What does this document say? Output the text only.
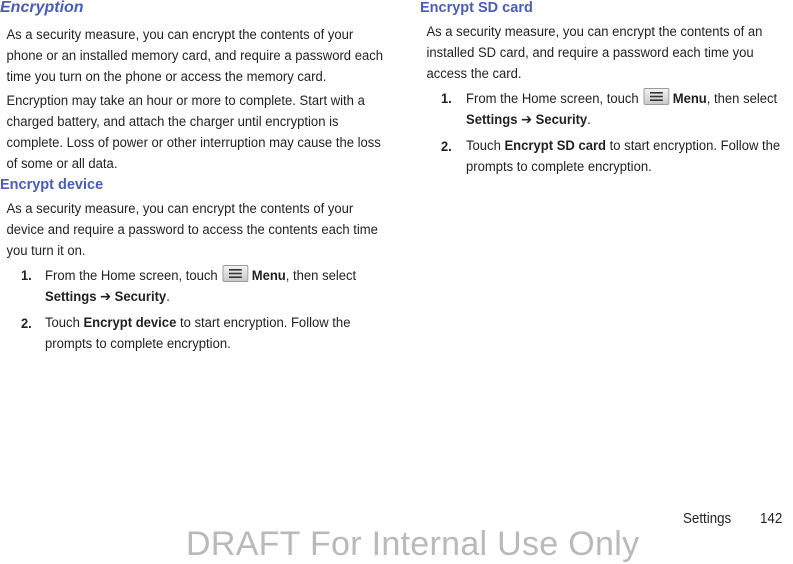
Encryption

As a security measure, you can encrypt the contents of your phone or an installed memory card, and require a password each time you turn on the phone or access the memory card.

Encryption may take an hour or more to complete. Start with a charged battery, and attach the charger until encryption is complete. Loss of power or other interruption may cause the loss of some or all data.

Encrypt device

As a security measure, you can encrypt the contents of your device and require a password to access the contents each time you turn it on.

1. From the Home screen, touch Menu, then select
Settings ➔ Security.

2. Touch Encrypt device to start encryption. Follow the prompts to complete encryption.

Encrypt SD card

As a security measure, you can encrypt the contents of an installed SD card, and require a password each time you access the card.

1. From the Home screen, touch Menu, then select
Settings ➔ Security.

2. Touch Encrypt SD card to start encryption. Follow the prompts to complete encryption.

Settings 142
DRAFT For Internal Use Only
